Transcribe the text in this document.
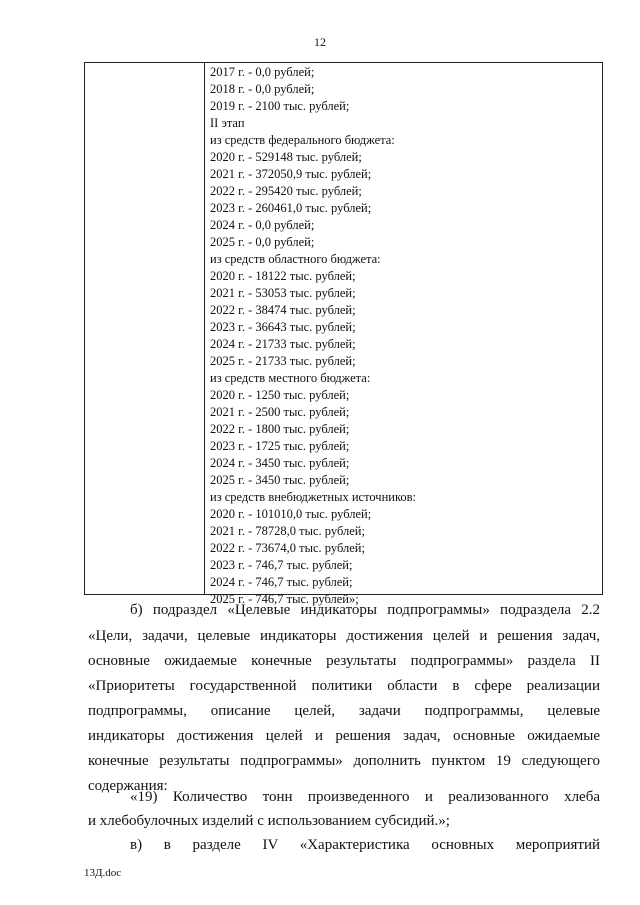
12
2017 г. - 0,0 рублей;
2018 г. - 0,0 рублей;
2019 г. - 2100 тыс. рублей;
II этап
из средств федерального бюджета:
2020 г. - 529148 тыс. рублей;
2021 г. - 372050,9 тыс. рублей;
2022 г. - 295420 тыс. рублей;
2023 г. - 260461,0 тыс. рублей;
2024 г. - 0,0 рублей;
2025 г. - 0,0 рублей;
из средств областного бюджета:
2020 г. - 18122 тыс. рублей;
2021 г. - 53053 тыс. рублей;
2022 г. - 38474 тыс. рублей;
2023 г. - 36643 тыс. рублей;
2024 г. - 21733 тыс. рублей;
2025 г. - 21733 тыс. рублей;
из средств местного бюджета:
2020 г. - 1250 тыс. рублей;
2021 г. - 2500 тыс. рублей;
2022 г. - 1800 тыс. рублей;
2023 г. - 1725 тыс. рублей;
2024 г. - 3450 тыс. рублей;
2025 г. - 3450 тыс. рублей;
из средств внебюджетных источников:
2020 г. - 101010,0 тыс. рублей;
2021 г. - 78728,0 тыс. рублей;
2022 г. - 73674,0 тыс. рублей;
2023 г. - 746,7 тыс. рублей;
2024 г. - 746,7 тыс. рублей;
2025 г. - 746,7 тыс. рублей»;

б) подраздел «Целевые индикаторы подпрограммы» подраздела 2.2

«Цели, задачи, целевые индикаторы достижения целей и решения задач,

основные ожидаемые конечные результаты подпрограммы» раздела II

«Приоритеты государственной политики области в сфере реализации

подпрограммы, описание целей, задачи подпрограммы, целевые

индикаторы достижения целей и решения задач, основные ожидаемые

конечные результаты подпрограммы» дополнить пунктом 19 следующего

содержания:

«19) Количество тонн произведенного и реализованного хлеба

и хлебобулочных изделий с использованием субсидий.»;

в) в разделе IV «Характеристика основных мероприятий

13Д.doc
